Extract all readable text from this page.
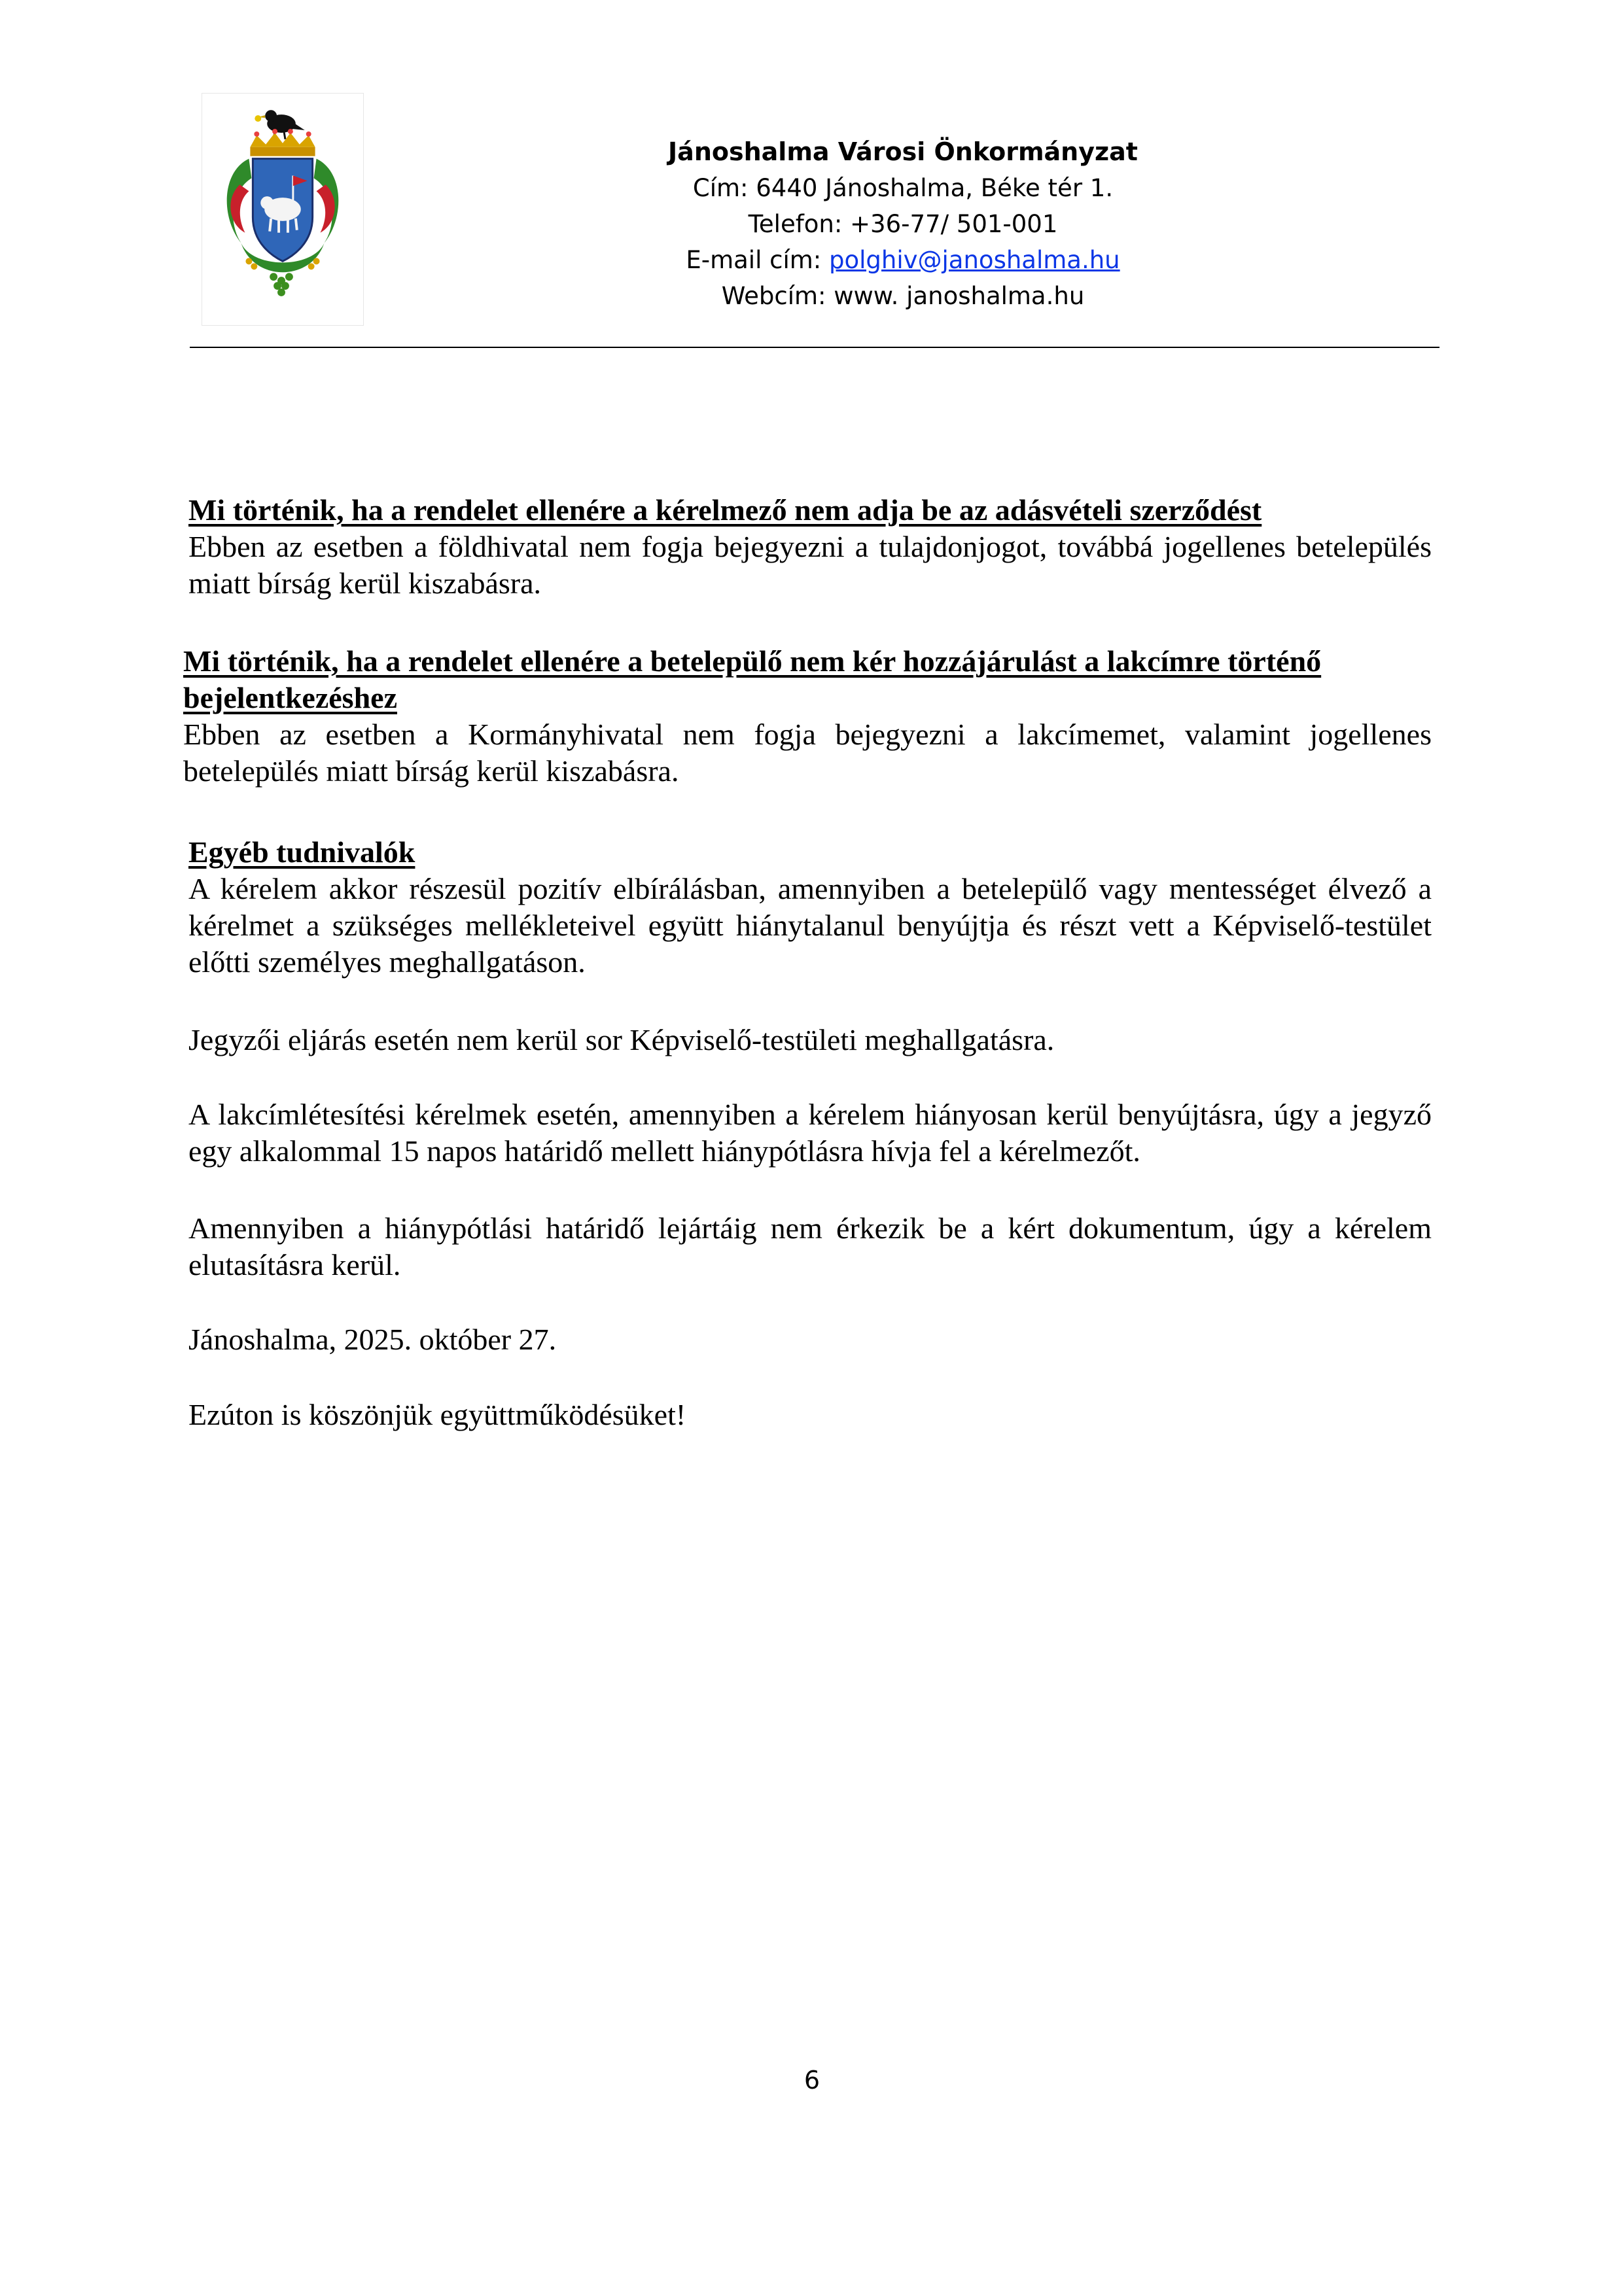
Jánoshalma Városi Önkormányzat
Cím: 6440 Jánoshalma, Béke tér 1.
Telefon: +36-77/ 501-001
E-mail cím: polghiv@janoshalma.hu
Webcím: www. janoshalma.hu
Mi történik, ha a rendelet ellenére a kérelmező nem adja be az adásvételi szerződést
Ebben az esetben a földhivatal nem fogja bejegyezni a tulajdonjogot, továbbá jogellenes betelepülés miatt bírság kerül kiszabásra.
Mi történik, ha a rendelet ellenére a betelepülő nem kér hozzájárulást a lakcímre történő bejelentkezéshez
Ebben az esetben a Kormányhivatal nem fogja bejegyezni a lakcímemet, valamint jogellenes betelepülés miatt bírság kerül kiszabásra.
Egyéb tudnivalók
A kérelem akkor részesül pozitív elbírálásban, amennyiben a betelepülő vagy mentességet élvező a kérelmet a szükséges mellékleteivel együtt hiánytalanul benyújtja és részt vett a Képviselő-testület előtti személyes meghallgatáson.
Jegyzői eljárás esetén nem kerül sor Képviselő-testületi meghallgatásra.
A lakcímlétesítési kérelmek esetén, amennyiben a kérelem hiányosan kerül benyújtásra, úgy a jegyző egy alkalommal 15 napos határidő mellett hiánypótlásra hívja fel a kérelmezőt.
Amennyiben a hiánypótlási határidő lejártáig nem érkezik be a kért dokumentum, úgy a kérelem elutasításra kerül.
Jánoshalma, 2025. október 27.
Ezúton is köszönjük együttműködésüket!
6
